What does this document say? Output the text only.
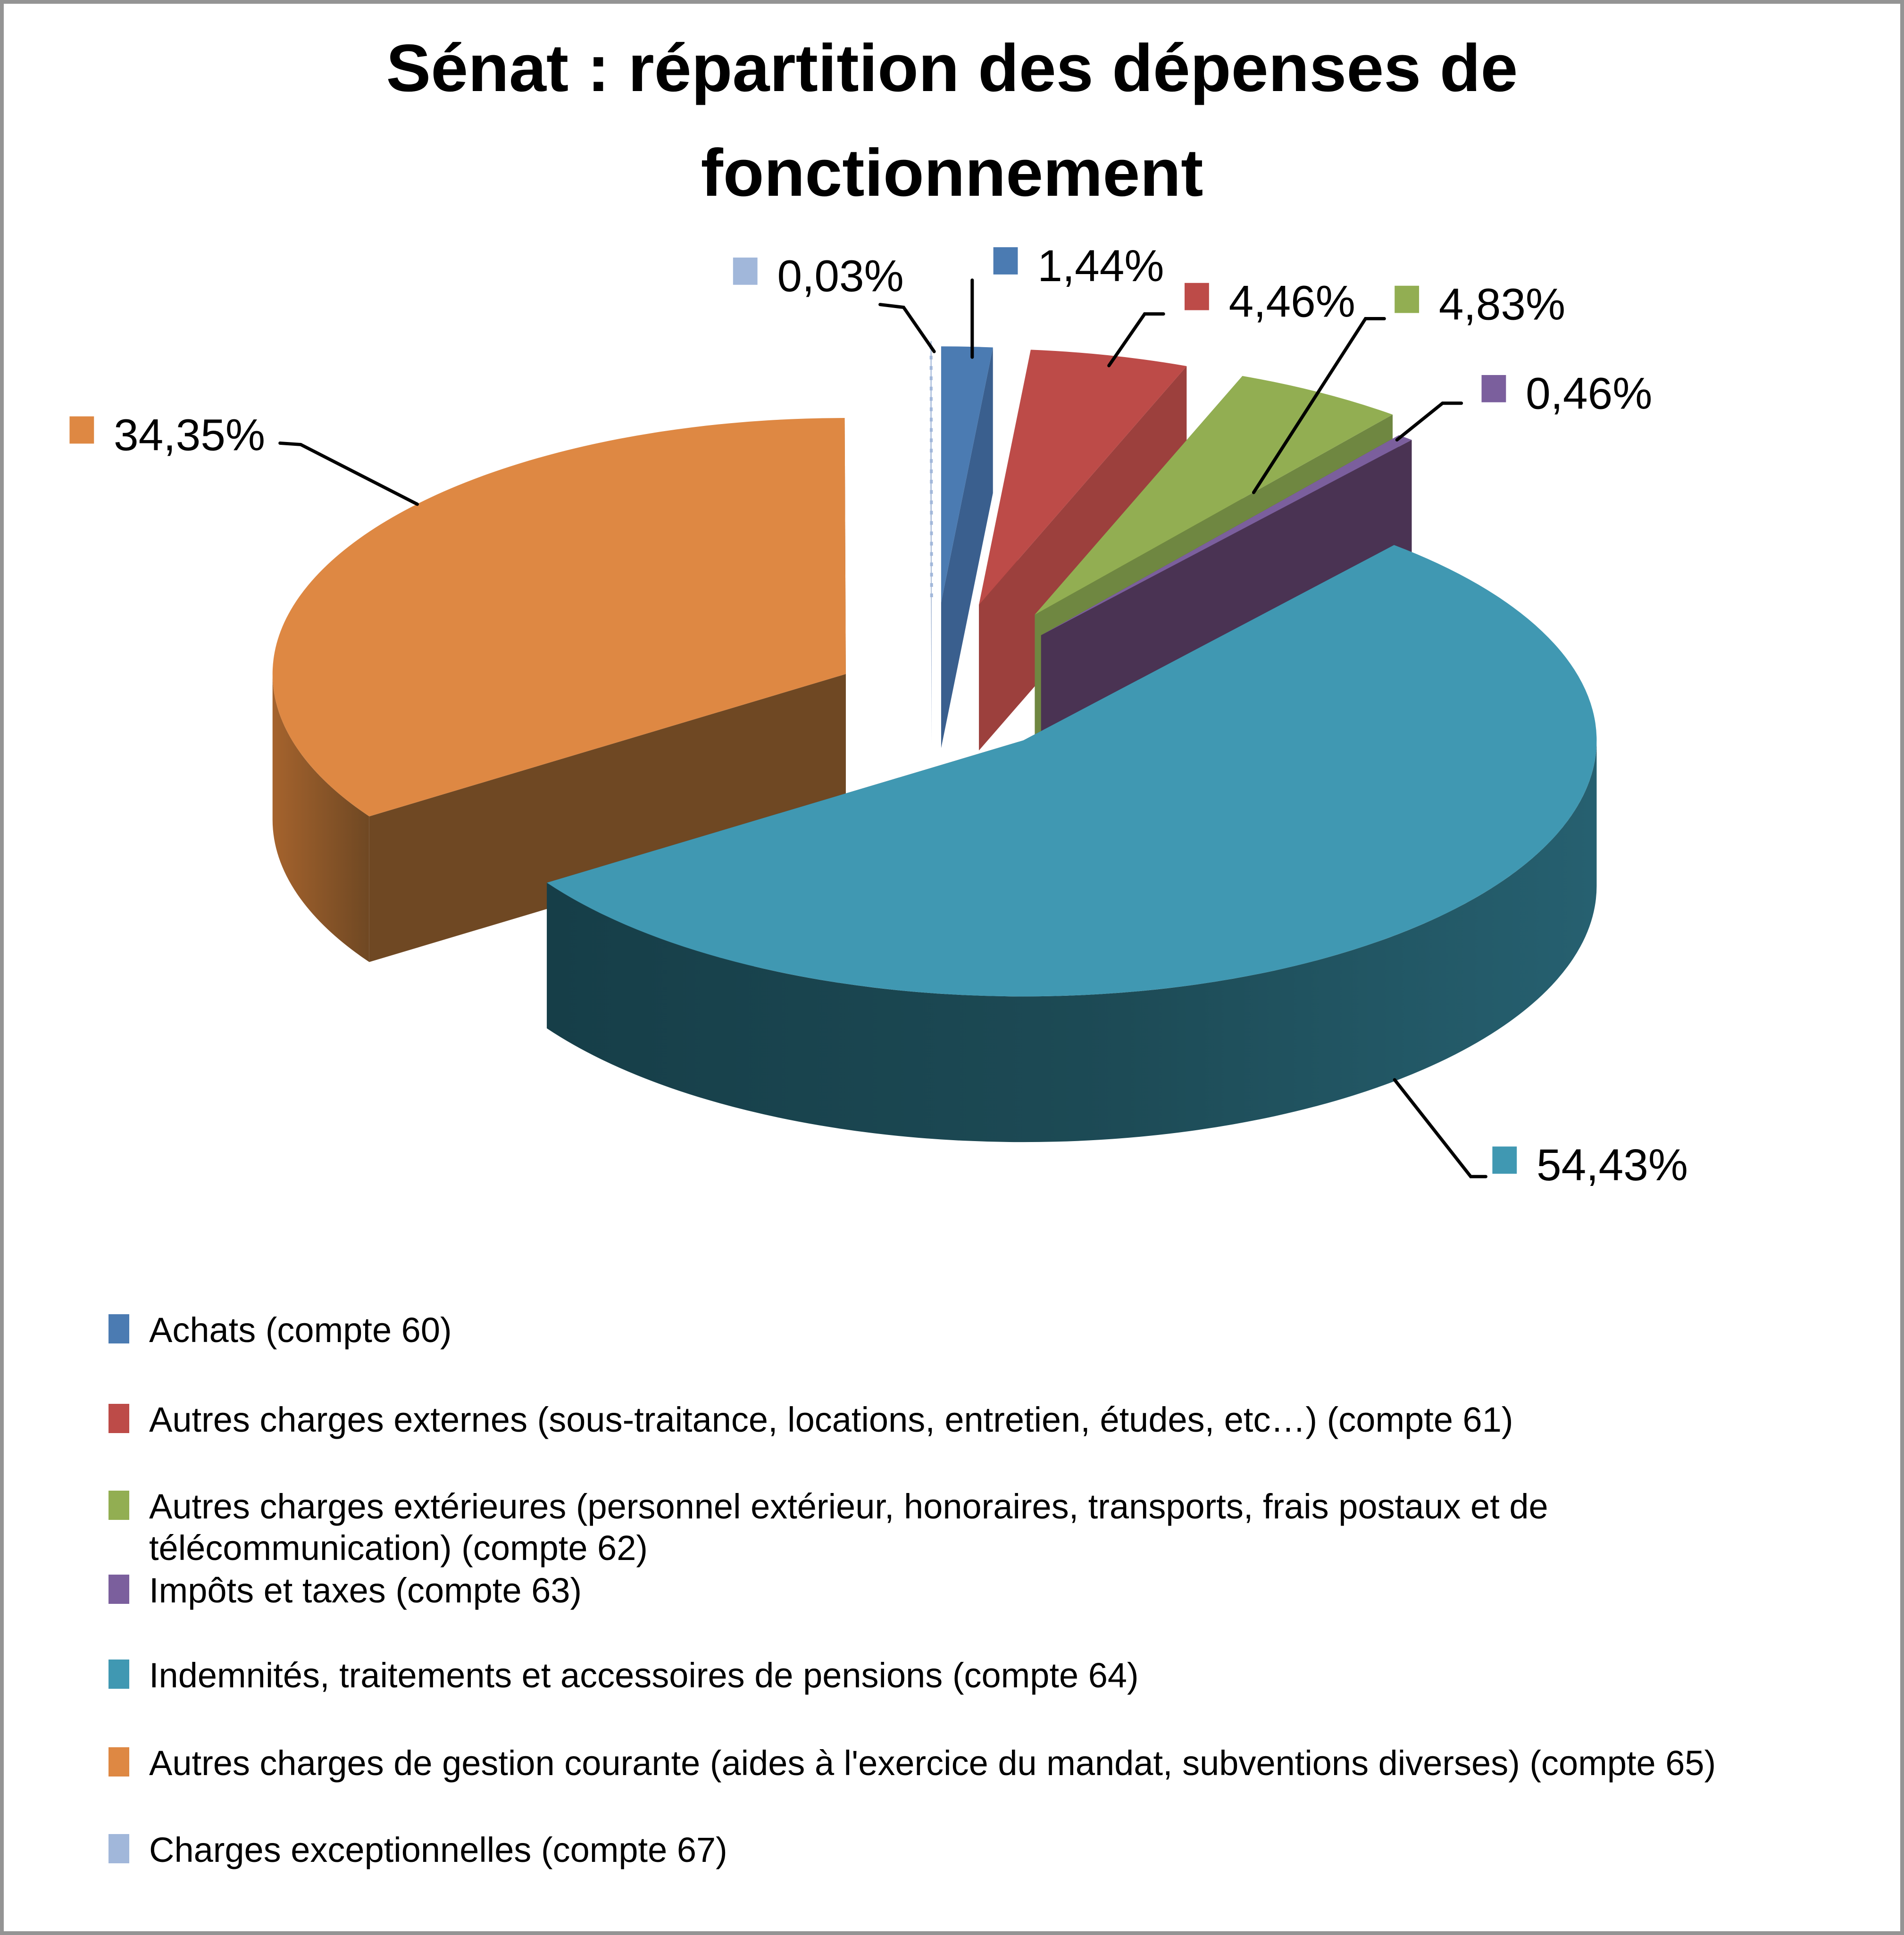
Sénat : répartition des dépenses de
fonctionnement
34,35%
0,03%	1,44%
4,46% 4,83%
0,46%
54,43%
Achats (compte 60)
Autres charges externes (sous-traitance, locations, entretien, études, etc…) (compte 61)
Autres charges extérieures (personnel extérieur, honoraires, transports, frais postaux et de télécommunication) (compte 62)
Impôts et taxes (compte 63)
Indemnités, traitements et accessoires de pensions (compte 64)
Autres charges de gestion courante (aides à l'exercice du mandat, subventions diverses) (compte 65)
Charges exceptionnelles (compte 67)
